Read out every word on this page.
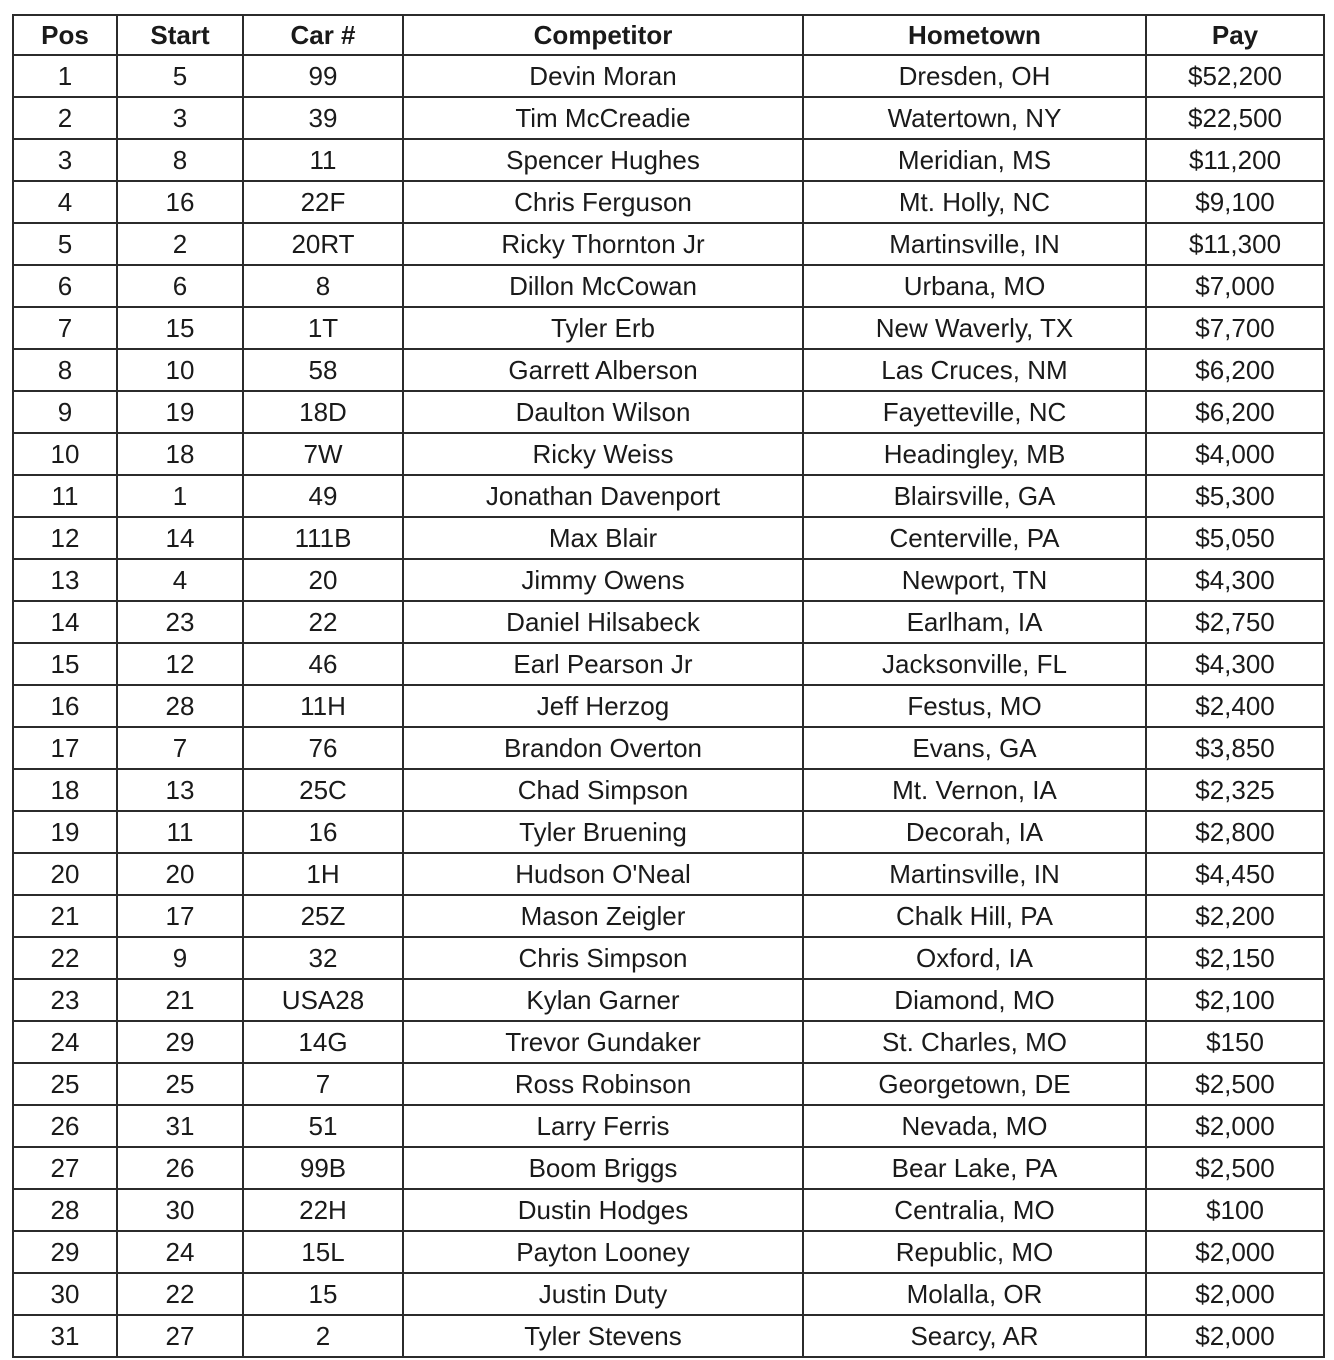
Pos	Start	Car #	Competitor	Hometown	Pay
1	5	99	Devin Moran	Dresden, OH	$52,200
2	3	39	Tim McCreadie	Watertown, NY	$22,500
3	8	11	Spencer Hughes	Meridian, MS	$11,200
4	16	22F	Chris Ferguson	Mt. Holly, NC	$9,100
5	2	20RT	Ricky Thornton Jr	Martinsville, IN	$11,300
6	6	8	Dillon McCowan	Urbana, MO	$7,000
7	15	1T	Tyler Erb	New Waverly, TX	$7,700
8	10	58	Garrett Alberson	Las Cruces, NM	$6,200
9	19	18D	Daulton Wilson	Fayetteville, NC	$6,200
10	18	7W	Ricky Weiss	Headingley, MB	$4,000
11	1	49	Jonathan Davenport	Blairsville, GA	$5,300
12	14	111B	Max Blair	Centerville, PA	$5,050
13	4	20	Jimmy Owens	Newport, TN	$4,300
14	23	22	Daniel Hilsabeck	Earlham, IA	$2,750
15	12	46	Earl Pearson Jr	Jacksonville, FL	$4,300
16	28	11H	Jeff Herzog	Festus, MO	$2,400
17	7	76	Brandon Overton	Evans, GA	$3,850
18	13	25C	Chad Simpson	Mt. Vernon, IA	$2,325
19	11	16	Tyler Bruening	Decorah, IA	$2,800
20	20	1H	Hudson O'Neal	Martinsville, IN	$4,450
21	17	25Z	Mason Zeigler	Chalk Hill, PA	$2,200
22	9	32	Chris Simpson	Oxford, IA	$2,150
23	21	USA28	Kylan Garner	Diamond, MO	$2,100
24	29	14G	Trevor Gundaker	St. Charles, MO	$150
25	25	7	Ross Robinson	Georgetown, DE	$2,500
26	31	51	Larry Ferris	Nevada, MO	$2,000
27	26	99B	Boom Briggs	Bear Lake, PA	$2,500
28	30	22H	Dustin Hodges	Centralia, MO	$100
29	24	15L	Payton Looney	Republic, MO	$2,000
30	22	15	Justin Duty	Molalla, OR	$2,000
31	27	2	Tyler Stevens	Searcy, AR	$2,000
